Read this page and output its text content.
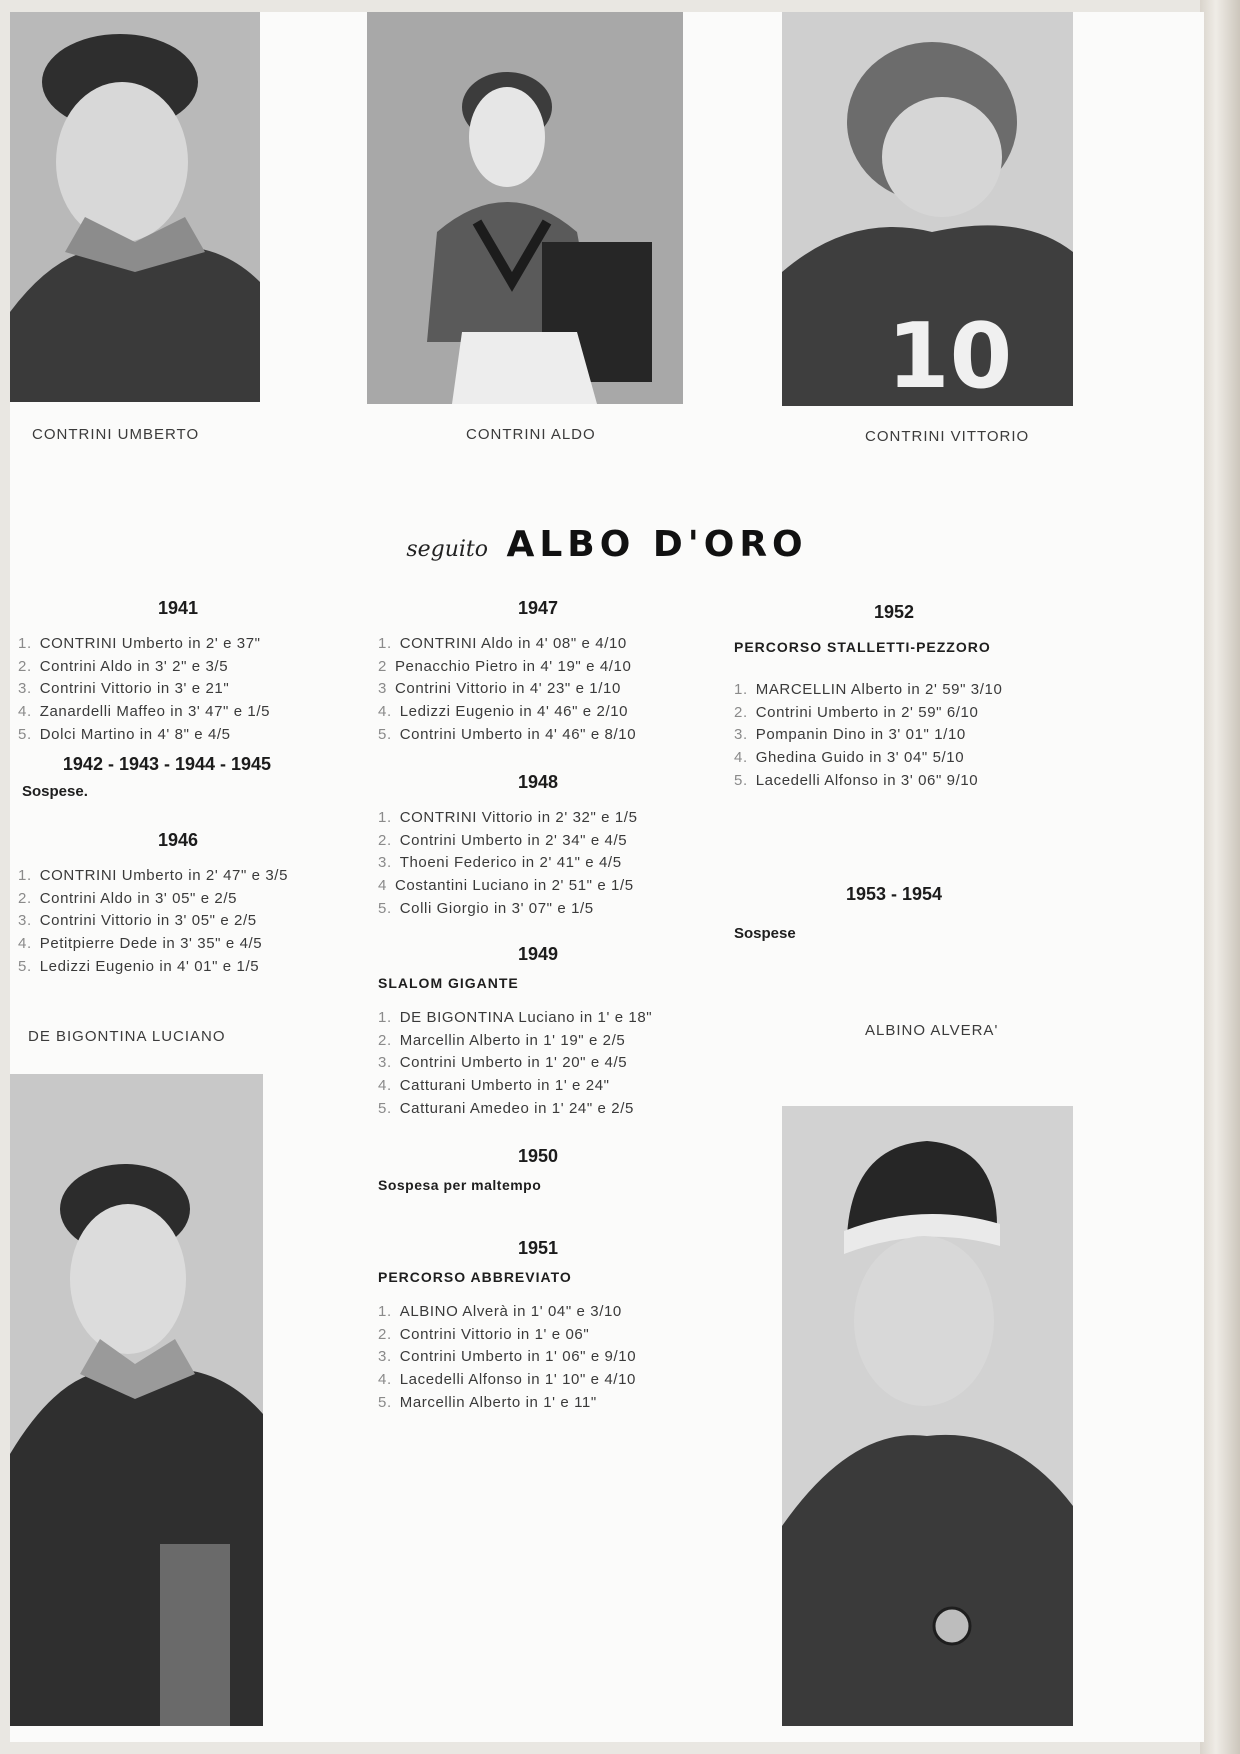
10
CONTRINI UMBERTO	CONTRINI ALDO	CONTRINI VITTORIO
seguito ALBO D'ORO
1941
1. CONTRINI Umberto in 2' e 37"
2. Contrini Aldo in 3' 2" e 3/5
3. Contrini Vittorio in 3' e 21"
4. Zanardelli Maffeo in 3' 47" e 1/5
5. Dolci Martino in 4' 8" e 4/5
1942 - 1943 - 1944 - 1945
Sospese.
1946
1. CONTRINI Umberto in 2' 47" e 3/5
2. Contrini Aldo in 3' 05" e 2/5
3. Contrini Vittorio in 3' 05" e 2/5
4. Petitpierre Dede in 3' 35" e 4/5
5. Ledizzi Eugenio in 4' 01" e 1/5
1947
1. CONTRINI Aldo in 4' 08" e 4/10
2 Penacchio Pietro in 4' 19" e 4/10
3 Contrini Vittorio in 4' 23" e 1/10
4. Ledizzi Eugenio in 4' 46" e 2/10
5. Contrini Umberto in 4' 46" e 8/10
1948
1. CONTRINI Vittorio in 2' 32" e 1/5
2. Contrini Umberto in 2' 34" e 4/5
3. Thoeni Federico in 2' 41" e 4/5
4 Costantini Luciano in 2' 51" e 1/5
5. Colli Giorgio in 3' 07" e 1/5
1949
SLALOM GIGANTE
1. DE BIGONTINA Luciano in 1' e 18"
2. Marcellin Alberto in 1' 19" e 2/5
3. Contrini Umberto in 1' 20" e 4/5
4. Catturani Umberto in 1' e 24"
5. Catturani Amedeo in 1' 24" e 2/5
1950
Sospesa per maltempo
1951
PERCORSO ABBREVIATO
1. ALBINO Alverà in 1' 04" e 3/10
2. Contrini Vittorio in 1' e 06"
3. Contrini Umberto in 1' 06" e 9/10
4. Lacedelli Alfonso in 1' 10" e 4/10
5. Marcellin Alberto in 1' e 11"
1952
PERCORSO STALLETTI-PEZZORO
1. MARCELLIN Alberto in 2' 59" 3/10
2. Contrini Umberto in 2' 59" 6/10
3. Pompanin Dino in 3' 01" 1/10
4. Ghedina Guido in 3' 04" 5/10
5. Lacedelli Alfonso in 3' 06" 9/10
1953 - 1954
Sospese
DE BIGONTINA LUCIANO	ALBINO ALVERA'
